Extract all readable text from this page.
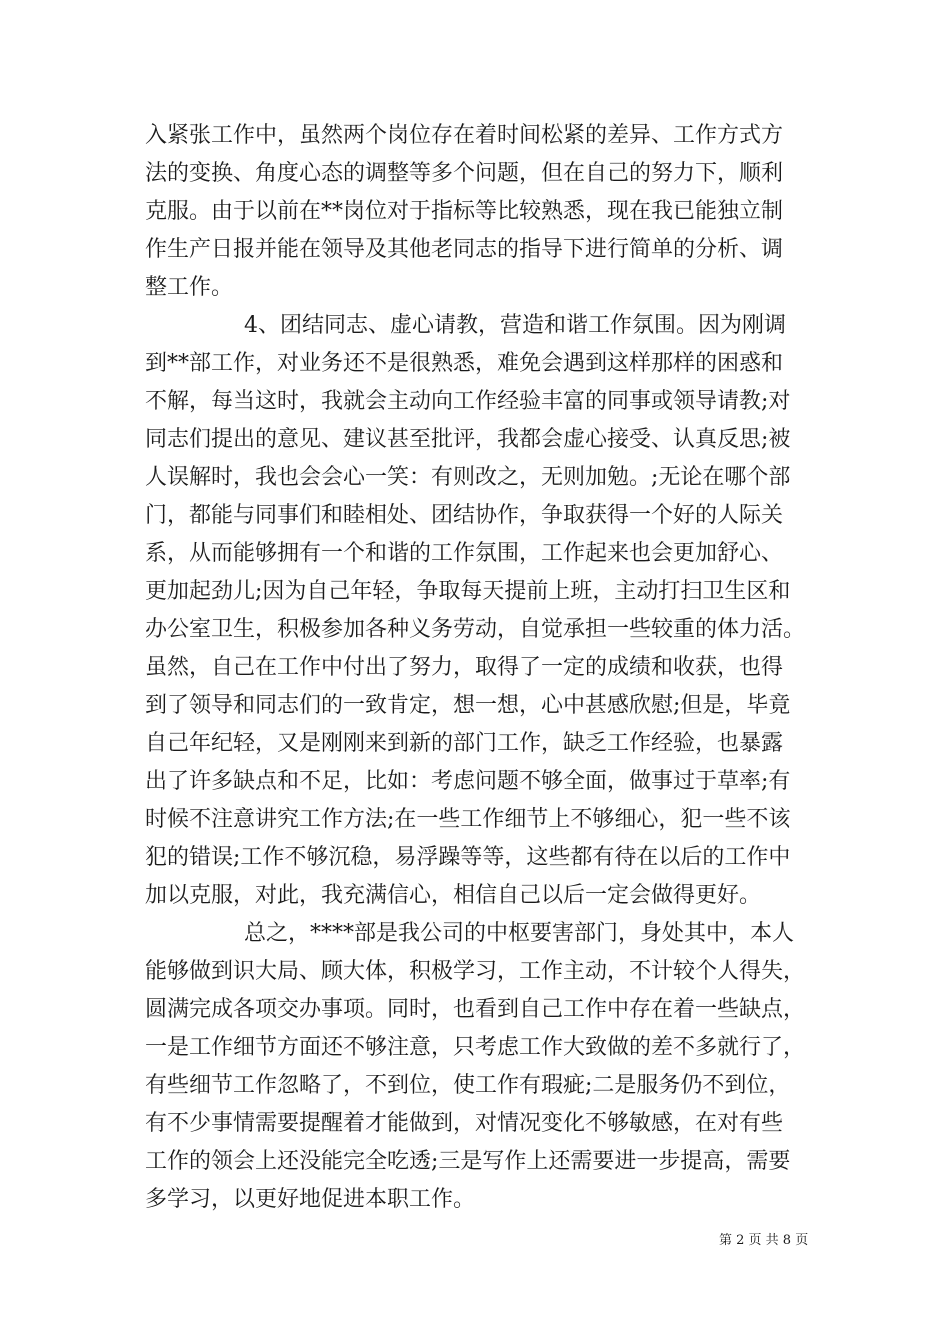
入紧张工作中，虽然两个岗位存在着时间松紧的差异、工作方式方
法的变换、角度心态的调整等多个问题，但在自己的努力下，顺利
克服。由于以前在**岗位对于指标等比较熟悉，现在我已能独立制
作生产日报并能在领导及其他老同志的指导下进行简单的分析、调
整工作。
4、团结同志、虚心请教，营造和谐工作氛围。因为刚调
到**部工作，对业务还不是很熟悉，难免会遇到这样那样的困惑和
不解，每当这时，我就会主动向工作经验丰富的同事或领导请教;对
同志们提出的意见、建议甚至批评，我都会虚心接受、认真反思;被
人误解时，我也会会心一笑：有则改之，无则加勉。;无论在哪个部
门，都能与同事们和睦相处、团结协作，争取获得一个好的人际关
系，从而能够拥有一个和谐的工作氛围，工作起来也会更加舒心、
更加起劲儿;因为自己年轻，争取每天提前上班，主动打扫卫生区和
办公室卫生，积极参加各种义务劳动，自觉承担一些较重的体力活。
虽然，自己在工作中付出了努力，取得了一定的成绩和收获，也得
到了领导和同志们的一致肯定，想一想，心中甚感欣慰;但是，毕竟
自己年纪轻，又是刚刚来到新的部门工作，缺乏工作经验，也暴露
出了许多缺点和不足，比如：考虑问题不够全面，做事过于草率;有
时候不注意讲究工作方法;在一些工作细节上不够细心，犯一些不该
犯的错误;工作不够沉稳，易浮躁等等，这些都有待在以后的工作中
加以克服，对此，我充满信心，相信自己以后一定会做得更好。
总之，****部是我公司的中枢要害部门，身处其中，本人
能够做到识大局、顾大体，积极学习，工作主动，不计较个人得失，
圆满完成各项交办事项。同时，也看到自己工作中存在着一些缺点，
一是工作细节方面还不够注意，只考虑工作大致做的差不多就行了，
有些细节工作忽略了，不到位，使工作有瑕疵;二是服务仍不到位，
有不少事情需要提醒着才能做到，对情况变化不够敏感，在对有些
工作的领会上还没能完全吃透;三是写作上还需要进一步提高，需要
多学习，以更好地促进本职工作。
第 2 页 共 8 页
